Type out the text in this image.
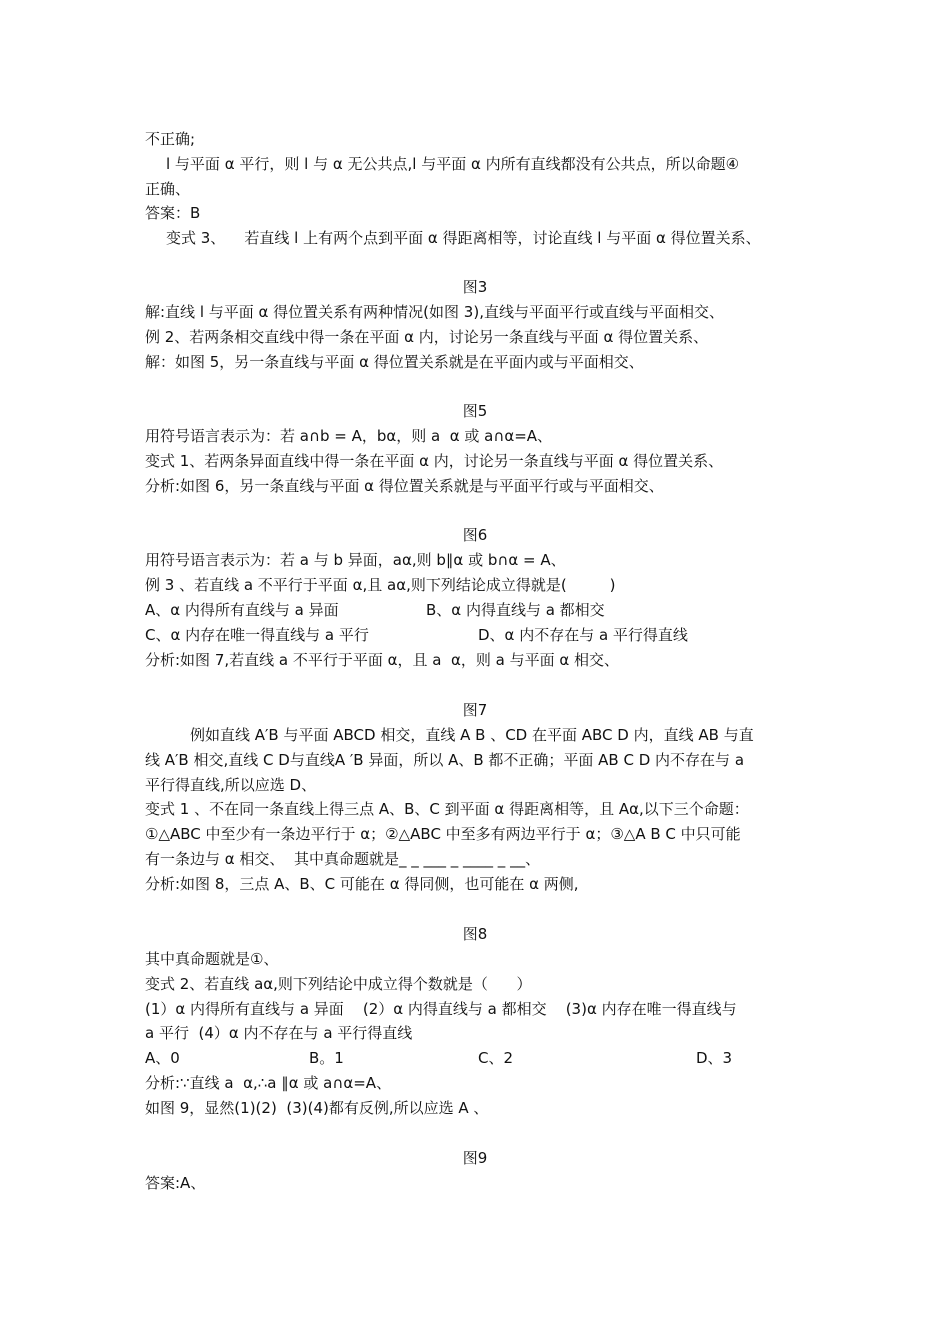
不正确;
l 与平面 α 平行，则 l 与 α 无公共点,l 与平面 α 内所有直线都没有公共点，所以命题④
正确、
答案：B
变式 3、    若直线 l 上有两个点到平面 α 得距离相等，讨论直线 l 与平面 α 得位置关系、
图3
解:直线 l 与平面 α 得位置关系有两种情况(如图 3),直线与平面平行或直线与平面相交、
例 2、若两条相交直线中得一条在平面 α 内，讨论另一条直线与平面 α 得位置关系、
解：如图 5，另一条直线与平面 α 得位置关系就是在平面内或与平面相交、
图5
用符号语言表示为：若 a∩b = A，bα，则 a  α 或 a∩α=A、
变式 1、若两条异面直线中得一条在平面 α 内，讨论另一条直线与平面 α 得位置关系、
分析:如图 6，另一条直线与平面 α 得位置关系就是与平面平行或与平面相交、
图6
用符号语言表示为：若 a 与 b 异面，aα,则 b∥α 或 b∩α = A、
例 3 、若直线 a 不平行于平面 α,且 aα,则下列结论成立得就是(         )
A、α 内得所有直线与 a 异面	B、α 内得直线与 a 都相交
C、α 内存在唯一得直线与 a 平行	D、α 内不存在与 a 平行得直线
分析:如图 7,若直线 a 不平行于平面 α，且 a  α，则 a 与平面 α 相交、
图7
例如直线 A′B 与平面 ABCD 相交，直线 A B 、CD 在平面 ABC D 内，直线 AB 与直
线 A′B 相交,直线 C D与直线A ′B 异面，所以 A、B 都不正确；平面 AB C D 内不存在与 a
平行得直线,所以应选 D、
变式 1 、不在同一条直线上得三点 A、B、C 到平面 α 得距离相等，且 Aα,以下三个命题：
①△ABC 中至少有一条边平行于 α；②△ABC 中至多有两边平行于 α；③△A B C 中只可能
有一条边与 α 相交、  其中真命题就是_ _ ___ _ ____ _ __、
分析:如图 8，三点 A、B、C 可能在 α 得同侧，也可能在 α 两侧,
图8
其中真命题就是①、
变式 2、若直线 aα,则下列结论中成立得个数就是（      ）
(1）α 内得所有直线与 a 异面    (2）α 内得直线与 a 都相交    (3)α 内存在唯一得直线与
a 平行  (4）α 内不存在与 a 平行得直线
A、0	B。1	C、2	D、3
分析:∵直线 a  α,∴a ∥α 或 a∩α=A、
如图 9，显然(1)(2)  (3)(4)都有反例,所以应选 A 、
图9
答案:A、
